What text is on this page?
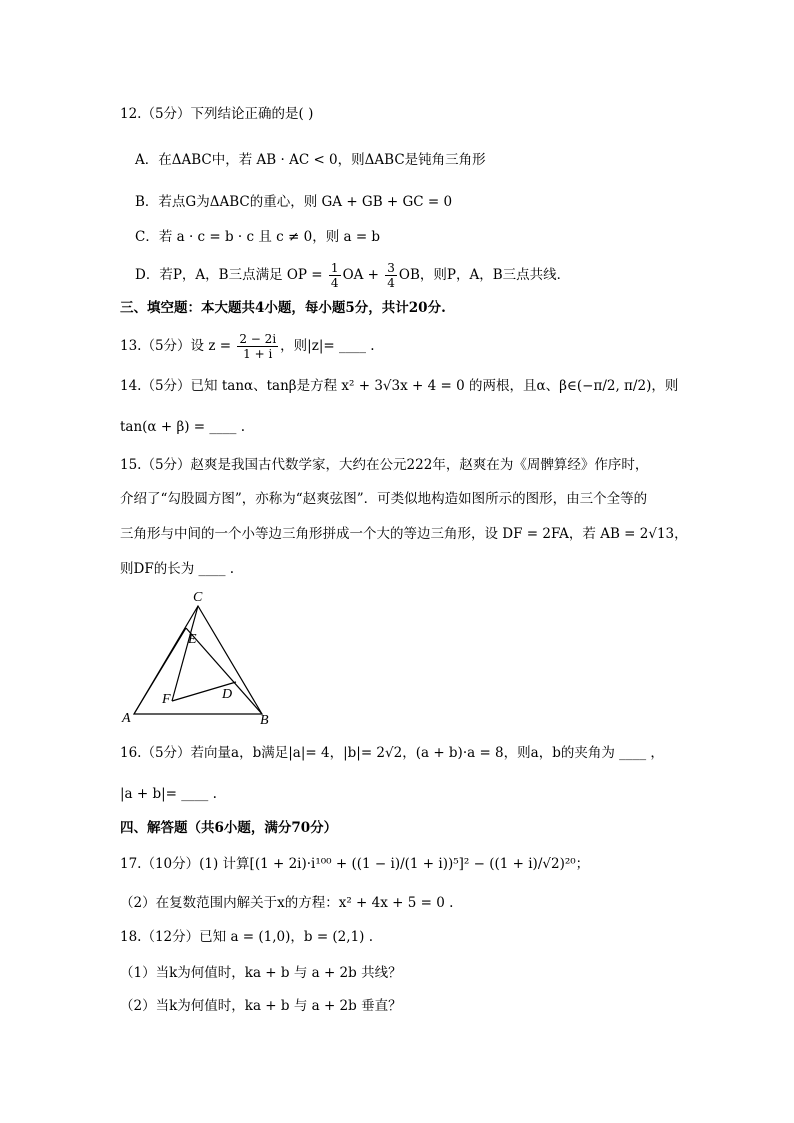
12.（5分）下列结论正确的是( )
A．在ΔABC中，若 AB · AC < 0，则ΔABC是钝角三角形
B．若点G为ΔABC的重心，则 GA + GB + GC = 0
C．若 a · c = b · c 且 c ≠ 0，则 a = b
D．若P，A，B三点满足 OP = $\frac{1}{4}$ OA + $\frac{3}{4}$ OB，则P，A，B三点共线．
三、填空题：本大题共4小题，每小题5分，共计20分.
13.（5分）设 $z = \frac{2 - 2i}{1 + i}$ ，则|z|= ____ .
14.（5分）已知 tanα、tanβ是方程 x² + 3√3x + 4 = 0 的两根，且α、β∈(−π/2, π/2)，则
tan(α + β) = ____ .
15.（5分）赵爽是我国古代数学家，大约在公元222年，赵爽在为《周髀算经》作序时，
介绍了“勾股圆方图”，亦称为“赵爽弦图”．可类似地构造如图所示的图形，由三个全等的
三角形与中间的一个小等边三角形拼成一个大的等边三角形，设 DF = 2FA，若 AB = 2√13，
则DF的长为 ____ .
C
E
F	D
A	B
16.（5分）若向量a，b满足|a|= 4，|b|= 2√2，(a + b)·a = 8，则a，b的夹角为 ____ ，
|a + b|= ____ .
四、解答题（共6小题，满分70分）
17.（10分）(1) 计算[(1 + 2i)·i¹⁰⁰ + ((1 − i)/(1 + i))⁵]² − ((1 + i)/√2)²⁰；
（2）在复数范围内解关于x的方程：x² + 4x + 5 = 0 .
18.（12分）已知 a = (1,0)，b = (2,1) .
（1）当k为何值时，ka + b 与 a + 2b 共线？
（2）当k为何值时，ka + b 与 a + 2b 垂直？
